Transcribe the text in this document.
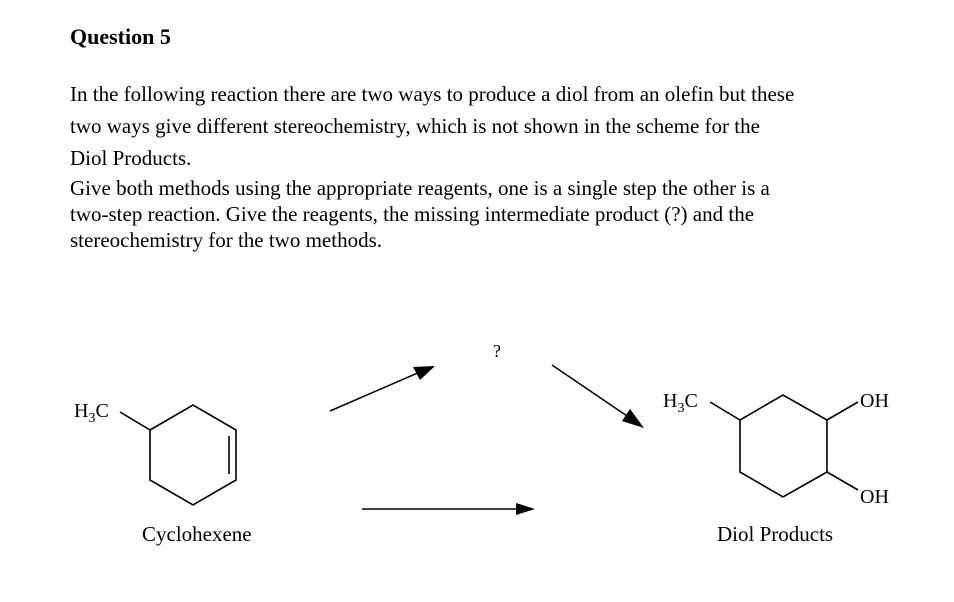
Question 5

In the following reaction there are two ways to produce a diol from an olefin but these
two ways give different stereochemistry, which is not shown in the scheme for the
Diol Products.

Give both methods using the appropriate reagents, one is a single step the other is a
two-step reaction. Give the reagents, the missing intermediate product (?) and the
stereochemistry for the two methods.

$H_3C$
Cyclohexene
?
$H_3C$	OH
OH
Diol Products
